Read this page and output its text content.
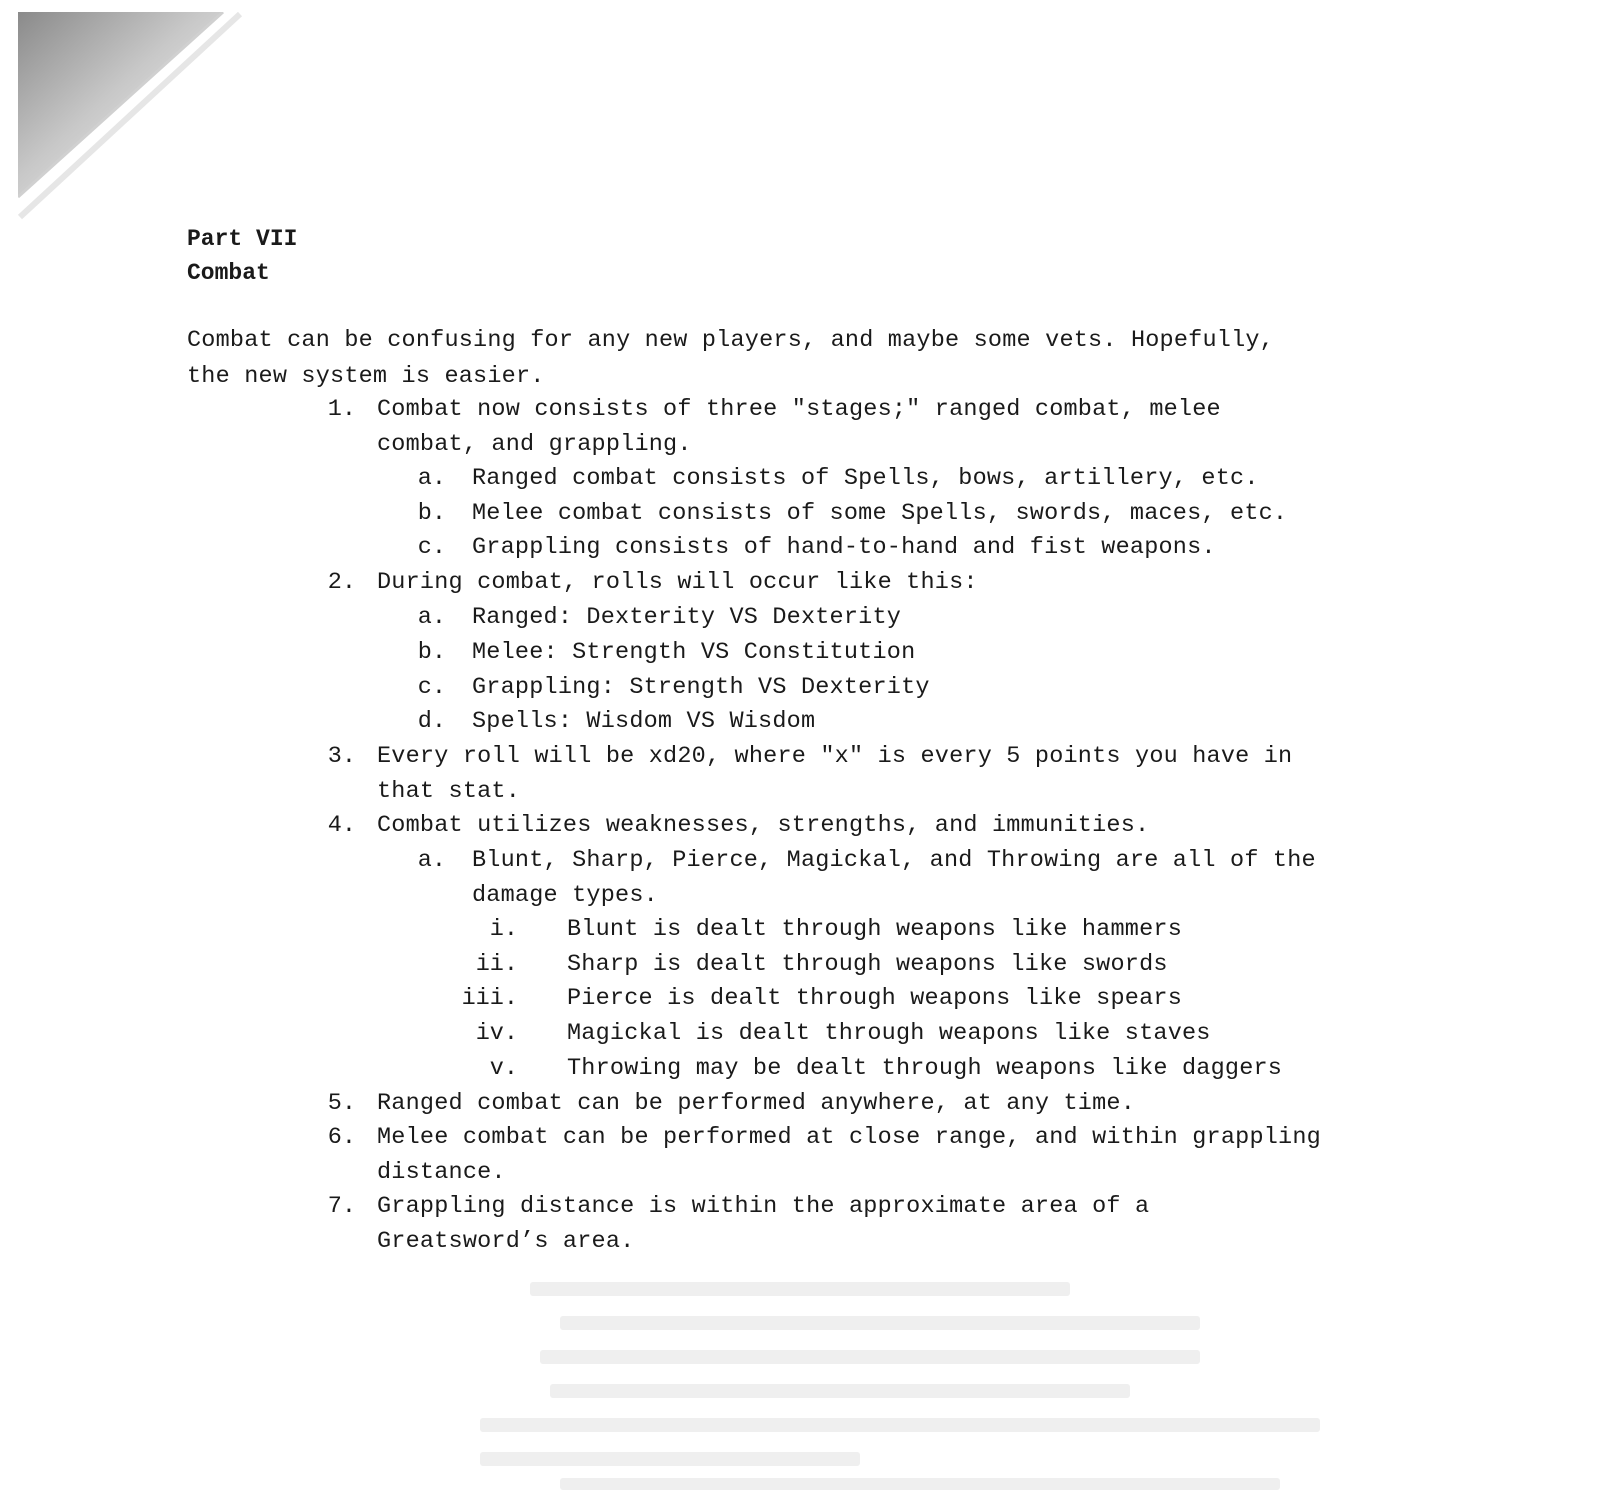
Part VII
Combat
Combat can be confusing for any new players, and maybe some vets. Hopefully,
the new system is easier.
1. Combat now consists of three "stages;" ranged combat, melee
combat, and grappling.
a. Ranged combat consists of Spells, bows, artillery, etc.
b. Melee combat consists of some Spells, swords, maces, etc.
c. Grappling consists of hand-to-hand and fist weapons.
2. During combat, rolls will occur like this:
a. Ranged: Dexterity VS Dexterity
b. Melee: Strength VS Constitution
c. Grappling: Strength VS Dexterity
d. Spells: Wisdom VS Wisdom
3. Every roll will be xd20, where "x" is every 5 points you have in
that stat.
4. Combat utilizes weaknesses, strengths, and immunities.
a. Blunt, Sharp, Pierce, Magickal, and Throwing are all of the
damage types.
i. Blunt is dealt through weapons like hammers
ii. Sharp is dealt through weapons like swords
iii. Pierce is dealt through weapons like spears
iv. Magickal is dealt through weapons like staves
v. Throwing may be dealt through weapons like daggers
5. Ranged combat can be performed anywhere, at any time.
6. Melee combat can be performed at close range, and within grappling
distance.
7. Grappling distance is within the approximate area of a
Greatsword’s area.
